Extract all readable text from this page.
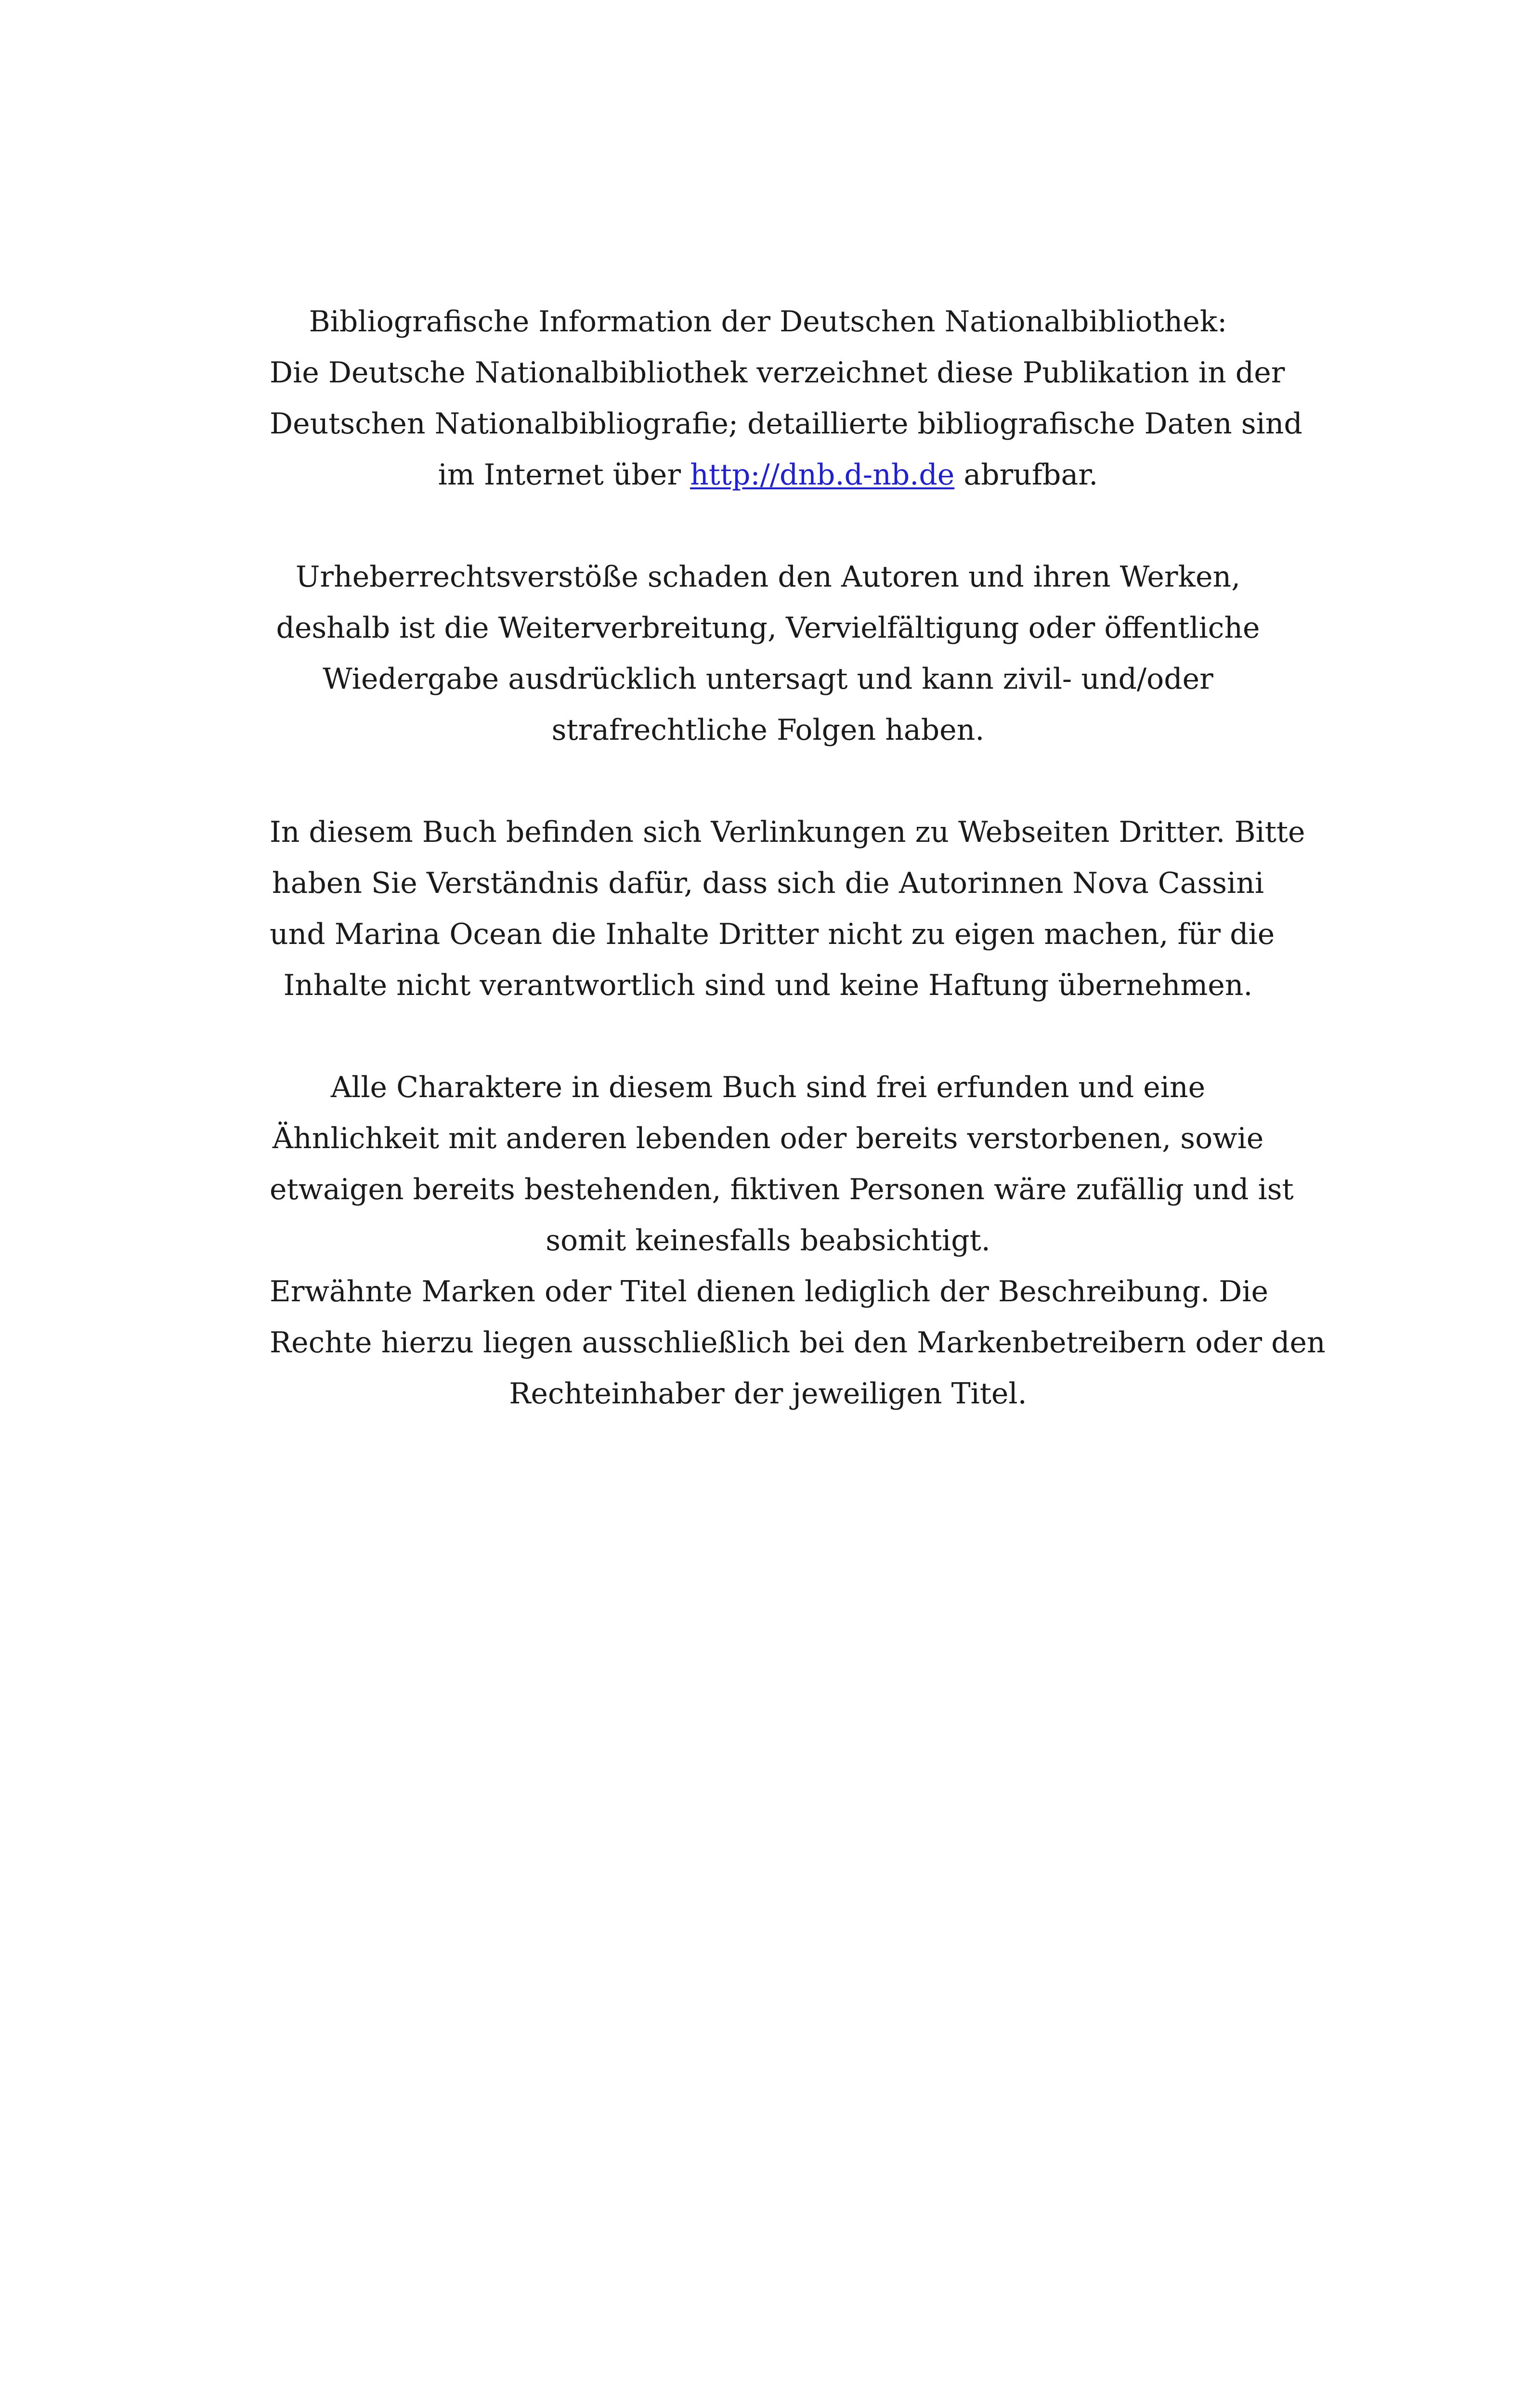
Bibliografische Information der Deutschen Nationalbibliothek:
Die Deutsche Nationalbibliothek verzeichnet diese Publikation in der
Deutschen Nationalbibliografie; detaillierte bibliografische Daten sind
im Internet über http://dnb.d-nb.de abrufbar.

Urheberrechtsverstöße schaden den Autoren und ihren Werken,
deshalb ist die Weiterverbreitung, Vervielfältigung oder öffentliche
Wiedergabe ausdrücklich untersagt und kann zivil- und/oder
strafrechtliche Folgen haben.

In diesem Buch befinden sich Verlinkungen zu Webseiten Dritter. Bitte
haben Sie Verständnis dafür, dass sich die Autorinnen Nova Cassini
und Marina Ocean die Inhalte Dritter nicht zu eigen machen, für die
Inhalte nicht verantwortlich sind und keine Haftung übernehmen.

Alle Charaktere in diesem Buch sind frei erfunden und eine
Ähnlichkeit mit anderen lebenden oder bereits verstorbenen, sowie
etwaigen bereits bestehenden, fiktiven Personen wäre zufällig und ist
somit keinesfalls beabsichtigt.
Erwähnte Marken oder Titel dienen lediglich der Beschreibung. Die
Rechte hierzu liegen ausschließlich bei den Markenbetreibern oder den
Rechteinhaber der jeweiligen Titel.
